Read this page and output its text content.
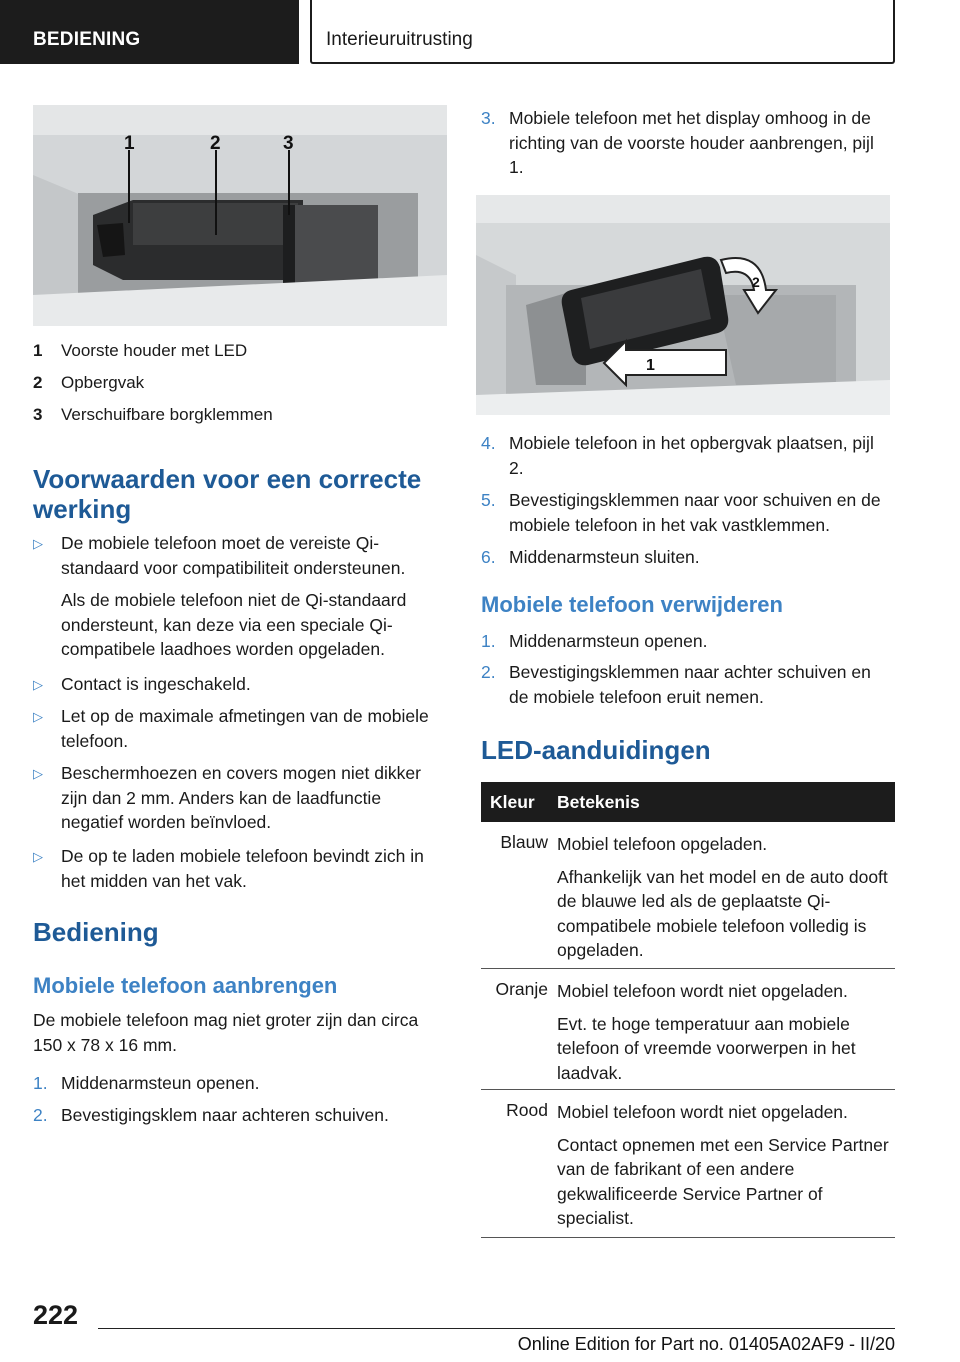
BEDIENING	Interieuruitrusting
1	2	3
1	Voorste houder met LED
2	Opbergvak
3	Verschuifbare borgklemmen
Voorwaarden voor een correcte werking
▷	De mobiele telefoon moet de vereiste Qi-standaard voor compatibiliteit ondersteunen.
Als de mobiele telefoon niet de Qi-standaard ondersteunt, kan deze via een speciale Qi-compatibele laadhoes worden opgeladen.
▷	Contact is ingeschakeld.
▷	Let op de maximale afmetingen van de mobiele telefoon.
▷	Beschermhoezen en covers mogen niet dikker zijn dan 2 mm. Anders kan de laadfunctie negatief worden beïnvloed.
▷	De op te laden mobiele telefoon bevindt zich in het midden van het vak.
Bediening
Mobiele telefoon aanbrengen
De mobiele telefoon mag niet groter zijn dan circa 150 x 78 x 16 mm.
1. Middenarmsteun openen.
2. Bevestigingsklem naar achteren schuiven.
3. Mobiele telefoon met het display omhoog in de richting van de voorste houder aanbrengen, pijl 1.
1
2
4. Mobiele telefoon in het opbergvak plaatsen, pijl 2.
5. Bevestigingsklemmen naar voor schuiven en de mobiele telefoon in het vak vastklemmen.
6. Middenarmsteun sluiten.
Mobiele telefoon verwijderen
1. Middenarmsteun openen.
2. Bevestigingsklemmen naar achter schuiven en de mobiele telefoon eruit nemen.
LED-aanduidingen
Kleur Betekenis
Blauw Mobiel telefoon opgeladen.

Afhankelijk van het model en de auto dooft de blauwe led als de geplaatste Qi-compatibele mobiele telefoon volledig is opgeladen.

Oranje Mobiel telefoon wordt niet opgeladen.

Evt. te hoge temperatuur aan mobiele telefoon of vreemde voorwerpen in het laadvak.

Rood Mobiel telefoon wordt niet opgeladen.

Contact opnemen met een Service Partner van de fabrikant of een andere gekwalificeerde Service Partner of specialist.

222
Online Edition for Part no. 01405A02AF9 - II/20
